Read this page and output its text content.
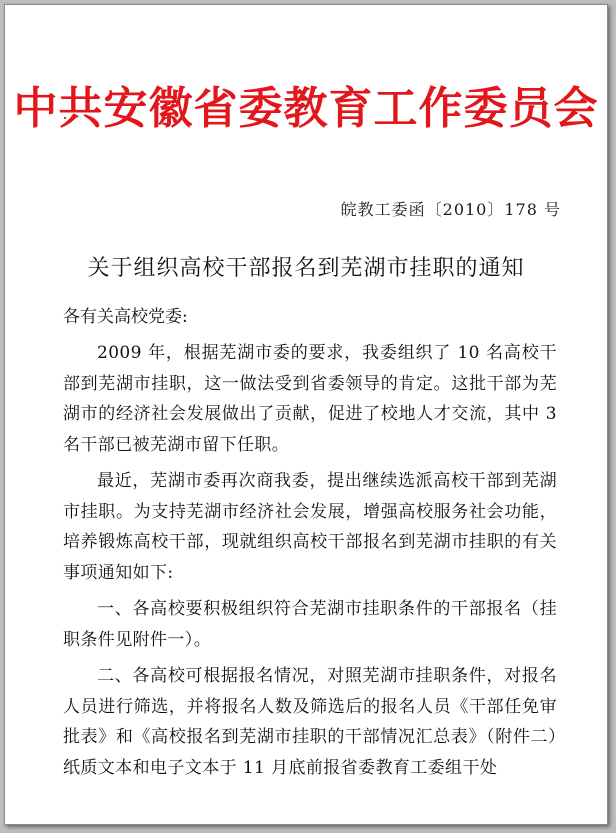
中共安徽省委教育工作委员会
皖教工委函〔2010〕178 号
关于组织高校干部报名到芜湖市挂职的通知
各有关高校党委:

2009 年，根据芜湖市委的要求，我委组织了 10 名高校干部到芜湖市挂职，这一做法受到省委领导的肯定。这批干部为芜湖市的经济社会发展做出了贡献，促进了校地人才交流，其中 3 名干部已被芜湖市留下任职。

最近，芜湖市委再次商我委，提出继续选派高校干部到芜湖市挂职。为支持芜湖市经济社会发展，增强高校服务社会功能，培养锻炼高校干部，现就组织高校干部报名到芜湖市挂职的有关事项通知如下:

一、各高校要积极组织符合芜湖市挂职条件的干部报名（挂职条件见附件一）。

二、各高校可根据报名情况，对照芜湖市挂职条件，对报名人员进行筛选，并将报名人数及筛选后的报名人员《干部任免审批表》和《高校报名到芜湖市挂职的干部情况汇总表》（附件二）纸质文本和电子文本于 11 月底前报省委教育工委组干处
